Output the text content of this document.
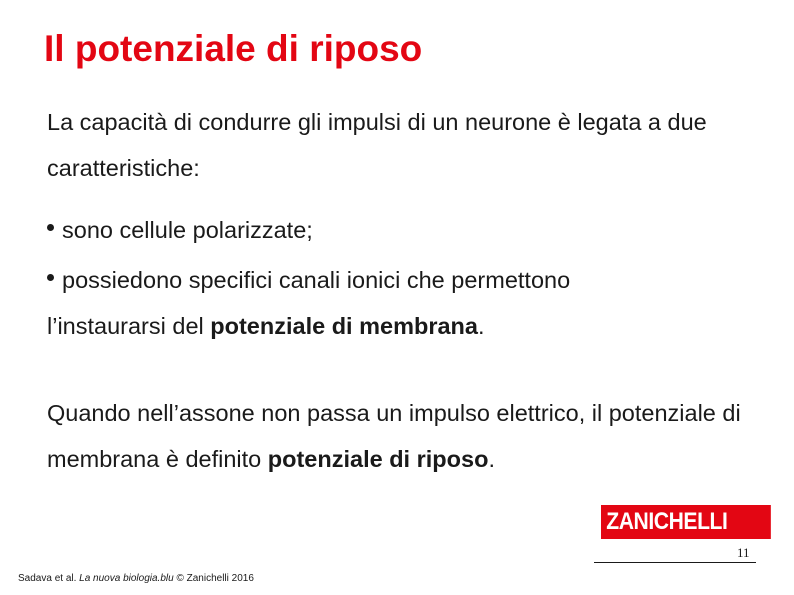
Il potenziale di riposo
La capacità di condurre gli impulsi di un neurone è legata a due caratteristiche:
sono cellule polarizzate;
possiedono specifici canali ionici che permettono
l’instaurarsi del potenziale di membrana.
Quando nell’assone non passa un impulso elettrico, il potenziale di membrana è definito potenziale di riposo.
ZANICHELLI
11
Sadava et al. La nuova biologia.blu © Zanichelli 2016
